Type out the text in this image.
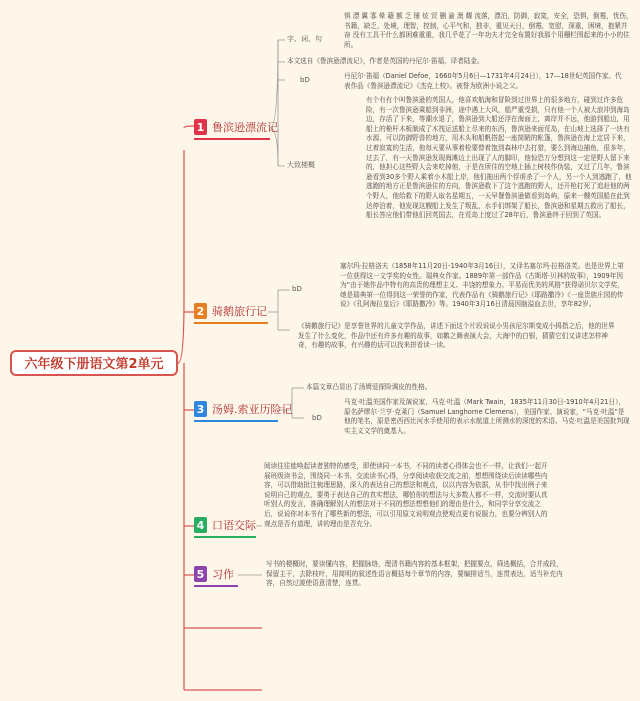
六年级下册语文第2单元
1 鲁滨逊漂流记
字、词、句
惧 漂 翼 寡 晕 藉 额 乏 锤 炫 贸 删 渝 澳 耀 流落，漂泊，防御，寂寞，安全，恐惧，倒霉，忧伤，书籍，缺乏，处境，理智，控制，心平气和，独非，重见天日，倒霉，宽慰，深重，困境，抱紧并奋 没有工具干什么都困难重重，我几乎花了一年功夫才完全布置好我那个用栅栏围起来的小小的住所。
本文选自《鲁滨逊漂流记》，作者是英国的丹尼尔·笛福，译者陆金。
bD	丹尼尔·笛福（Daniel Defoe，1660年5月6日—1731年4月24日），17—18世纪英国作家。代表作品《鲁滨逊漂流记》《杰克上校》。被誉为欧洲小说之父。
大致梗概
有个有有个叫鲁滨逊的英国人，他喜欢航海和冒险到过世界上的很多地方，碰到过许多危险，有一次鲁滨逊乘船到非洲，途中遇上大风，船严重受损，只有他一个人被大浪冲到海岛边，存活了下来，等潮水退了，鲁滨逊到大船还浮在海面上，离岸并不远，他游到船边，用船上的桅杆木板制成了木筏运送船上尽来的东西，鲁滨逊来面荒岛，在山坡上选择了一块有水源，可以防御野兽的地方，用木头和船帆搭起一座简陋的帐篷，鲁滨逊在海上定居下来，过着寂寞的生活，他每天要从事着检要替着饱到森林中去打猎，要么到海边捕鱼，很多年，过去了，有一天鲁滨逊发现海滩边上出现了人的脚印，他惊恐万分想到这一定是野人留下来的，他担心这些野人会来吃掉他，于是在所住的空地上插上树枝作伪装，又过了几年，鲁滨逊看到30多个野人乘着小木船上岸，他们拖出两个俘虏杀了一个人，另一个人到逃跑了，他逃跑的地方正是鲁滨逊住的方向，鲁滨逊救下了这个逃跑的野人，还开枪打死了追赶他的两个野人，他给救下的野人取名星期五，一天早餐鲁滨逊做看到岛屿，原来一艘英国船在此到达停泊着，他发现这艘船上发生了叛乱，水手们绑架了船长，鲁滨逊和星期五救出了船长，船长答应他们带他们回英国去，在荒岛上度过了28年后，鲁滨逊终于回到了英国。
2 骑鹅旅行记
bD
塞尔玛·拉格洛夫（1858年11月20日-1940年3月16日），又译名塞尔玛·拉格洛芙。也是世界上第一位获得这一文学奖的女性。瑞典女作家。1889年第一部作品《古斯塔·贝林的故事》，1909年因为“由于她作品中特有的高贵的理想主义、丰饶的想象力、平易而优美的风格”获得诺贝尔文学奖，她是瑞典第一位得到这一荣誉的作家，代表作品有《骑鹅旅行记》《耶路撒冷》《一座贵族庄园的传说》《孔阿海拉皇后》《耶路撒冷》等。1940年3月16日清晨因脑溢血去世，享年82岁。
《骑鹅旅行记》是享誉世界的儿童文学作品，讲述下面这个片段说说小男孩尼尔斯变成小拇指之后，他的世界发生了什么变化，作品中还有许多有趣的故事，如鹅之舞表演大会，大海中的白银，猜猜它们又讲述怎样神奇，有趣的故事，有兴趣的话可以找来拼看读一读。
3 汤姆.索亚历险记
本篇文章凸显出了汤姆爱探险调皮的性格。
bD
马克·吐温美国作家及演说家，马克·吐温（Mark Twain，1835年11月30日-1910年4月21日），原名萨缪尔·兰亨·克莱门（Samuel Langhorne Clemens），美国作家、演说家，“马克·吐温”是他的笔名，原是密西西比河水手使用的表示水航道上所测水的深度的术语。马克·吐温是美国批判现实主义文学的奠基人。
4 口语交际
阅读往往能唤起读者独特的感受，即使读同一本书，不同的读者心得体会也不一样，让我们一起开展班级读书会，围绕同一本书，交流读书心得，分享阅读收获交流之前，想想围绕读后读读哪些内容，可以借助批注梳理思路，深入的表达自己的想法和观点，以以内容为依据，从书中找出例子来说明自己的观点，要勇于表达自己的真实想法，哪怕你的想法与大多数人都不一样，交流时要认真听别人的发言，准确理解别人的想法对于不同的想法想想他们的理由是什么，和同学分享交流之后，说说你对本书有了哪些新的想法，可以引用原文说明观点使观点更有说服力，也要分辨别人的观点是否有道理，讲的理由是否充分。
5 习作
写书的梗概时，要读懂内容，把握脉络，理清书籍内容的基本框架，把握要点，筛选概括，合并成段，保留主干，去除枝叶，用简明的叙述性语言概括每个章节的内容，要编排适当，连贯表达，适当补充内容，自然过渡使语意清楚，连贯。
